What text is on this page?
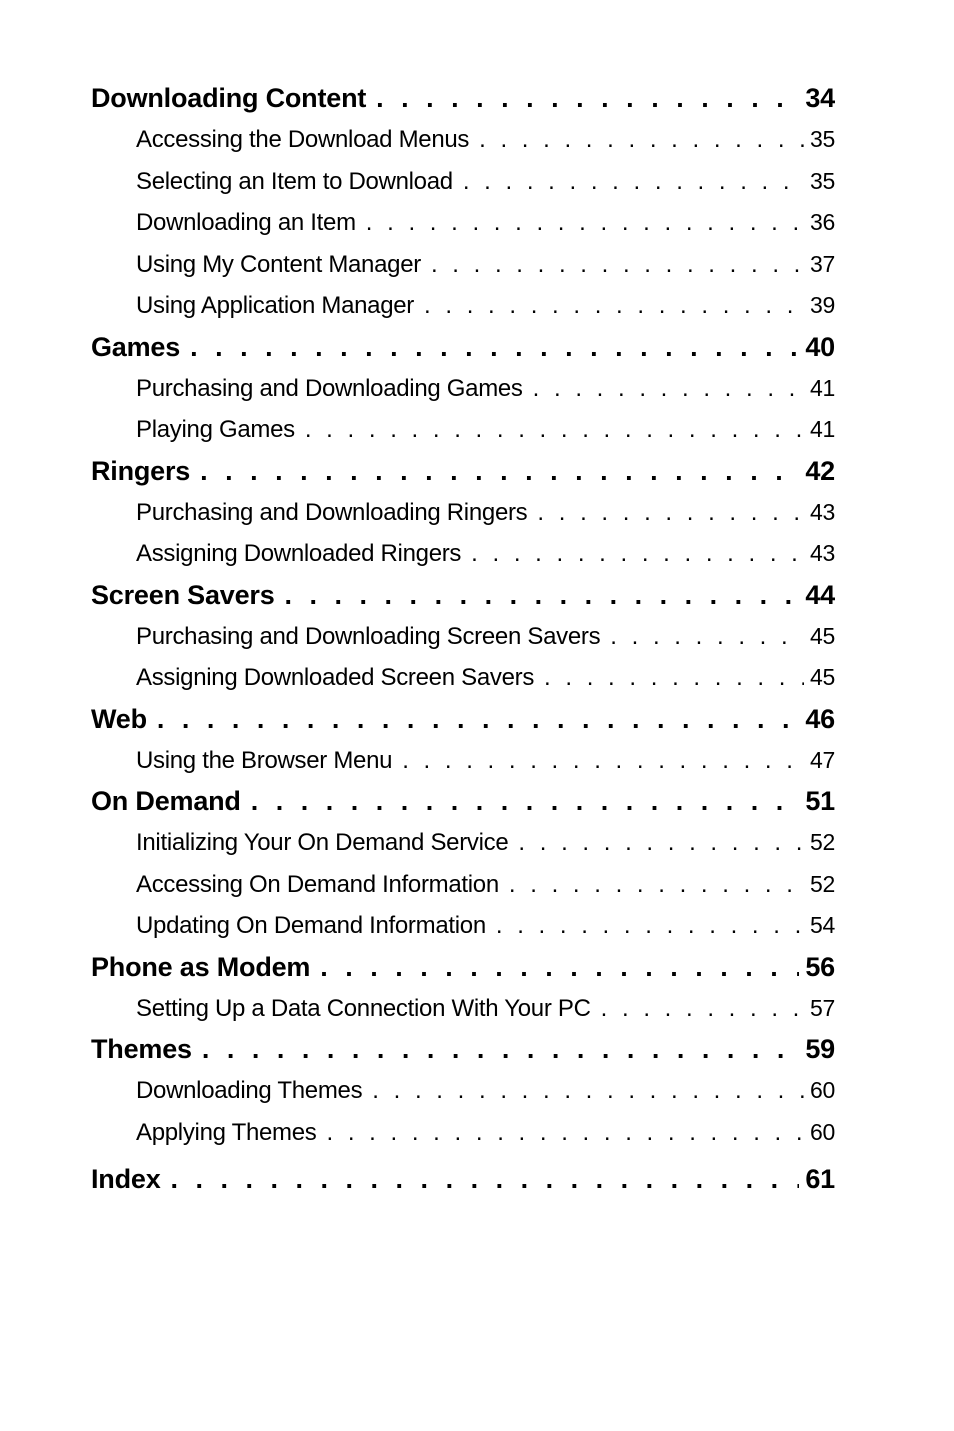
Downloading Content . . .	34
Accessing the Download Menus . . .	35
Selecting an Item to Download . . .	35
Downloading an Item . . .	36
Using My Content Manager . . .	37
Using Application Manager . . .	39
Games . . .	40
Purchasing and Downloading Games . . .	41
Playing Games . . .	41
Ringers . . .	42
Purchasing and Downloading Ringers . . .	43
Assigning Downloaded Ringers . . .	43
Screen Savers . . .	44
Purchasing and Downloading Screen Savers . . .	45
Assigning Downloaded Screen Savers . . .	45
Web . . .	46
Using the Browser Menu . . .	47
On Demand . . .	51
Initializing Your On Demand Service . . .	52
Accessing On Demand Information . . .	52
Updating On Demand Information . . .	54
Phone as Modem . . .	56
Setting Up a Data Connection With Your PC . . .	57
Themes . . .	59
Downloading Themes . . .	60
Applying Themes . . .	60
Index . . .	61
